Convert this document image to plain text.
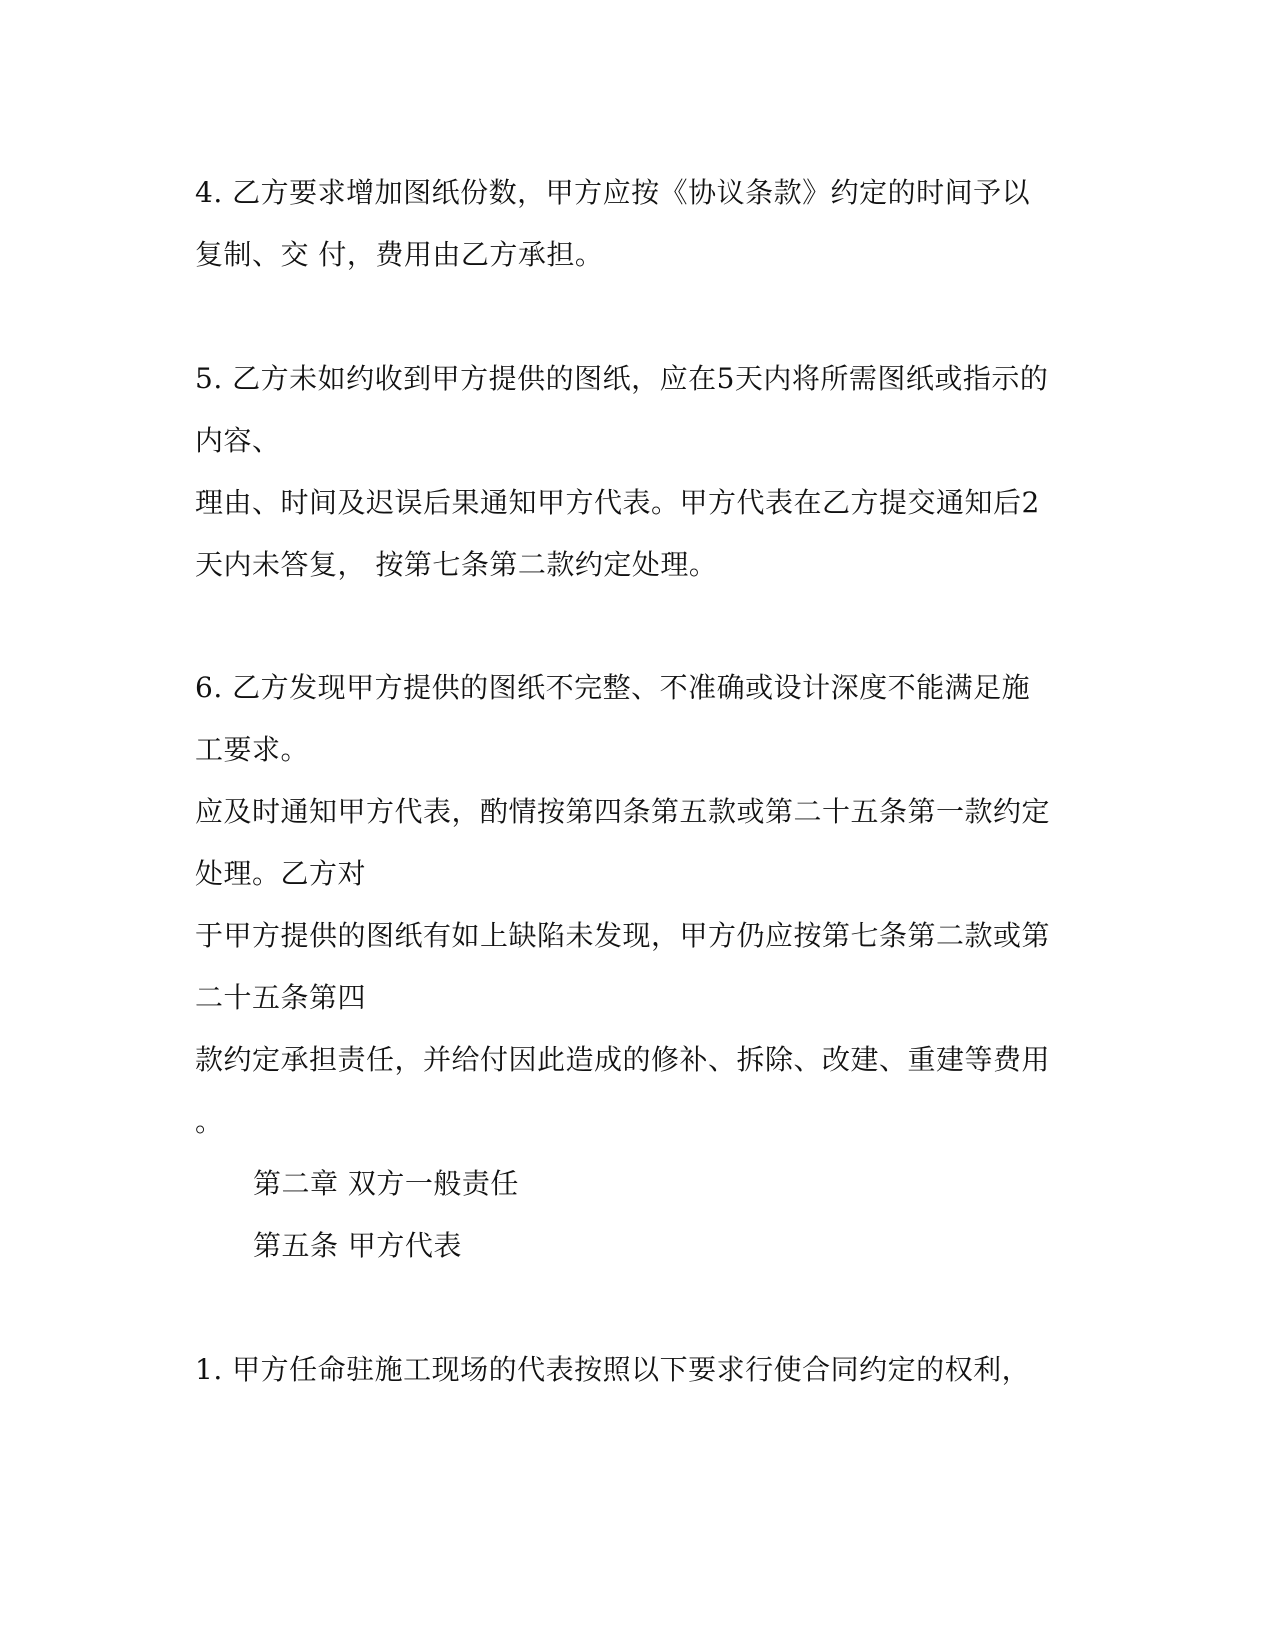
4. 乙方要求增加图纸份数，甲方应按《协议条款》约定的时间予以
复制、交 付，费用由乙方承担。
5. 乙方未如约收到甲方提供的图纸，应在5天内将所需图纸或指示的
内容、
理由、时间及迟误后果通知甲方代表。甲方代表在乙方提交通知后2
天内未答复， 按第七条第二款约定处理。
6. 乙方发现甲方提供的图纸不完整、不准确或设计深度不能满足施
工要求。
应及时通知甲方代表，酌情按第四条第五款或第二十五条第一款约定
处理。乙方对
于甲方提供的图纸有如上缺陷未发现，甲方仍应按第七条第二款或第
二十五条第四
款约定承担责任，并给付因此造成的修补、拆除、改建、重建等费用
。
第二章 双方一般责任
第五条 甲方代表
1. 甲方任命驻施工现场的代表按照以下要求行使合同约定的权利，
